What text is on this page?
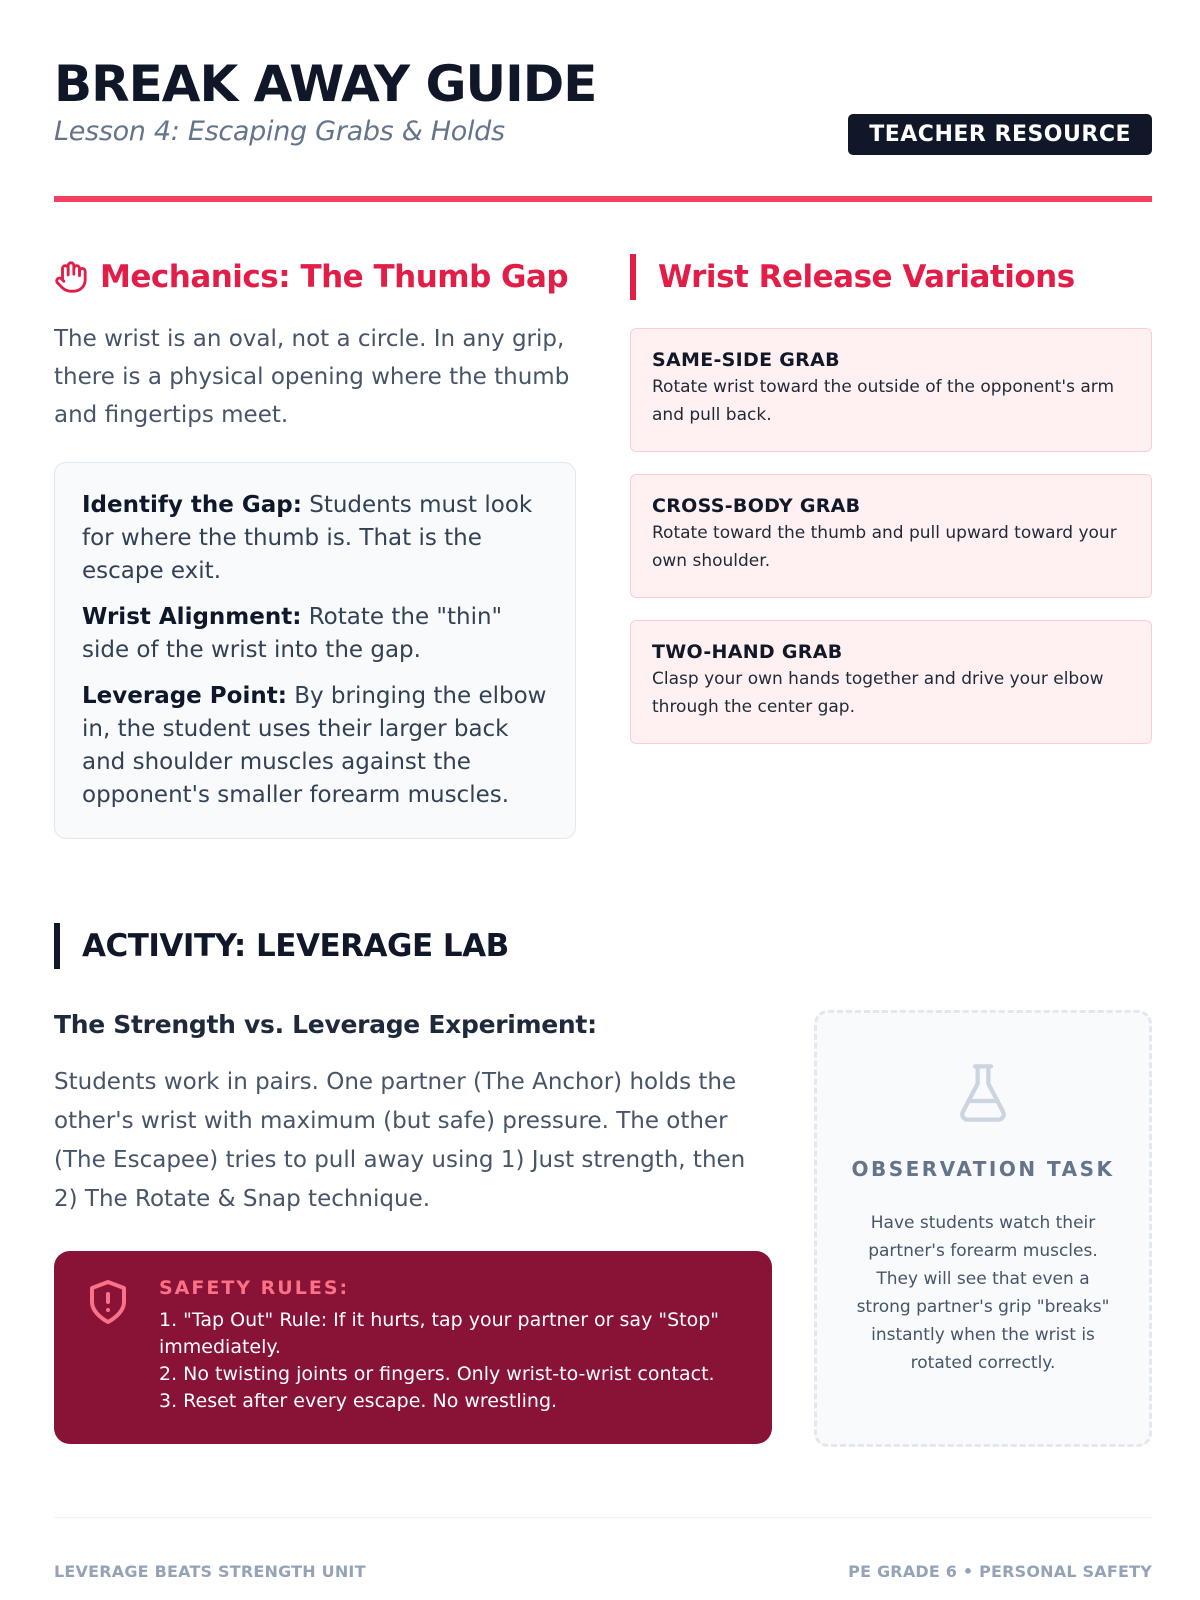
BREAK AWAY GUIDE
Lesson 4: Escaping Grabs & Holds	TEACHER RESOURCE
Mechanics: The Thumb Gap

The wrist is an oval, not a circle. In any grip, there is a physical opening where the thumb and fingertips meet.

Identify the Gap: Students must look for where the thumb is. That is the escape exit.

Wrist Alignment: Rotate the "thin" side of the wrist into the gap.

Leverage Point: By bringing the elbow in, the student uses their larger back and shoulder muscles against the opponent's smaller forearm muscles.

Wrist Release Variations
SAME-SIDE GRAB
Rotate wrist toward the outside of the opponent's arm and pull back.
CROSS-BODY GRAB
Rotate toward the thumb and pull upward toward your own shoulder.
TWO-HAND GRAB
Clasp your own hands together and drive your elbow through the center gap.
ACTIVITY: LEVERAGE LAB
The Strength vs. Leverage Experiment:

Students work in pairs. One partner (The Anchor) holds the other's wrist with maximum (but safe) pressure. The other (The Escapee) tries to pull away using 1) Just strength, then 2) The Rotate & Snap technique.

SAFETY RULES:
1. "Tap Out" Rule: If it hurts, tap your partner or say "Stop" immediately.
2. No twisting joints or fingers. Only wrist-to-wrist contact.
3. Reset after every escape. No wrestling.
OBSERVATION TASK
Have students watch their partner's forearm muscles. They will see that even a strong partner's grip "breaks" instantly when the wrist is rotated correctly.
LEVERAGE BEATS STRENGTH UNIT	PE GRADE 6 • PERSONAL SAFETY
